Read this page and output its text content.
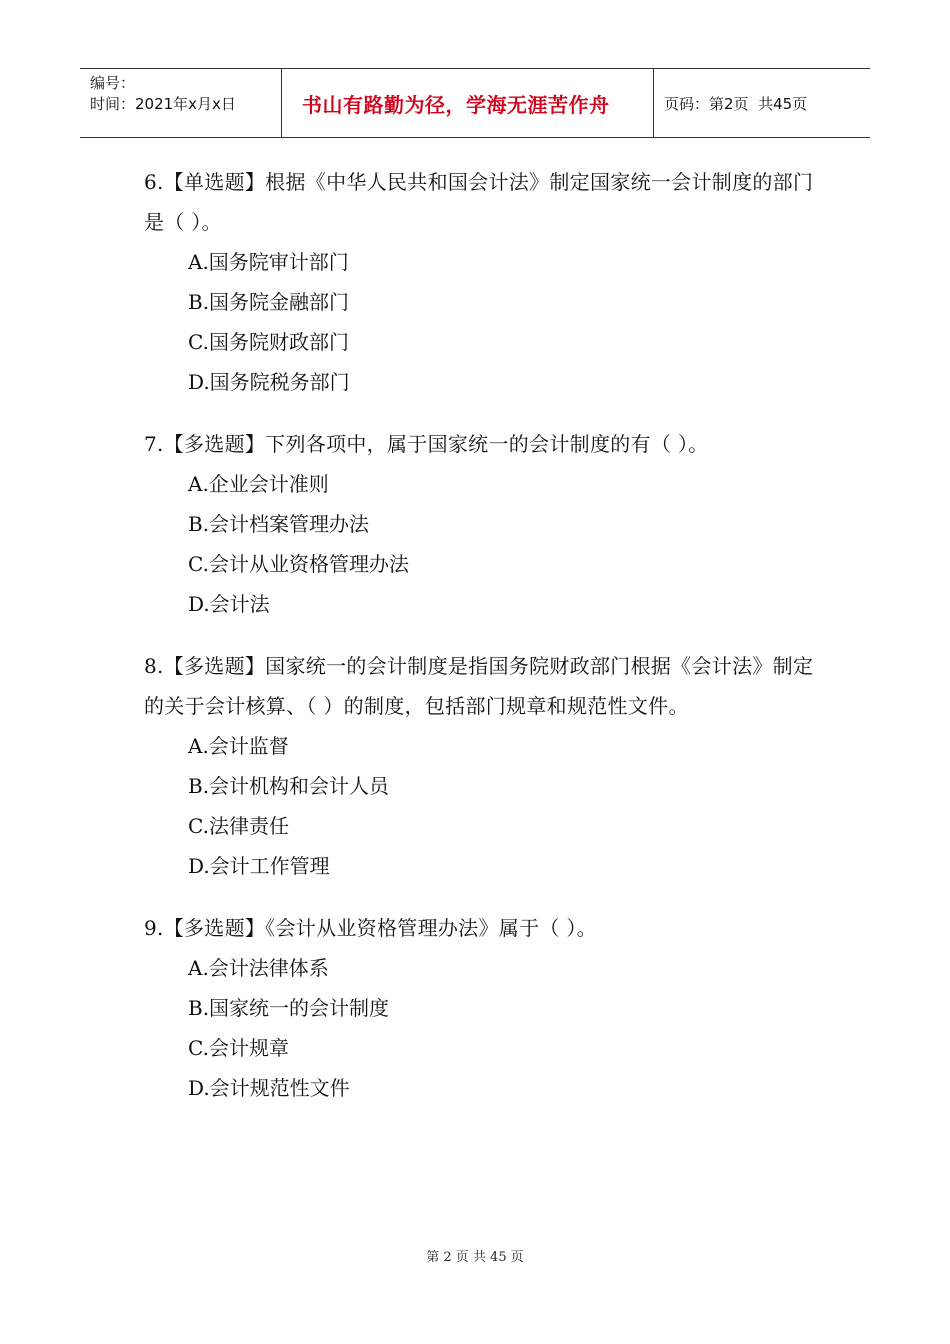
编号：
时间：2021年x月x日	书山有路勤为径，学海无涯苦作舟	页码：第2页  共45页
6.【单选题】根据《中华人民共和国会计法》制定国家统一会计制度的部门是（ ）。
A.国务院审计部门
B.国务院金融部门
C.国务院财政部门
D.国务院税务部门
7.【多选题】下列各项中，属于国家统一的会计制度的有（ ）。
A.企业会计准则
B.会计档案管理办法
C.会计从业资格管理办法
D.会计法
8.【多选题】国家统一的会计制度是指国务院财政部门根据《会计法》制定的关于会计核算、（ ）的制度，包括部门规章和规范性文件。
A.会计监督
B.会计机构和会计人员
C.法律责任
D.会计工作管理
9.【多选题】《会计从业资格管理办法》属于（ ）。
A.会计法律体系
B.国家统一的会计制度
C.会计规章
D.会计规范性文件
第 2 页 共 45 页
